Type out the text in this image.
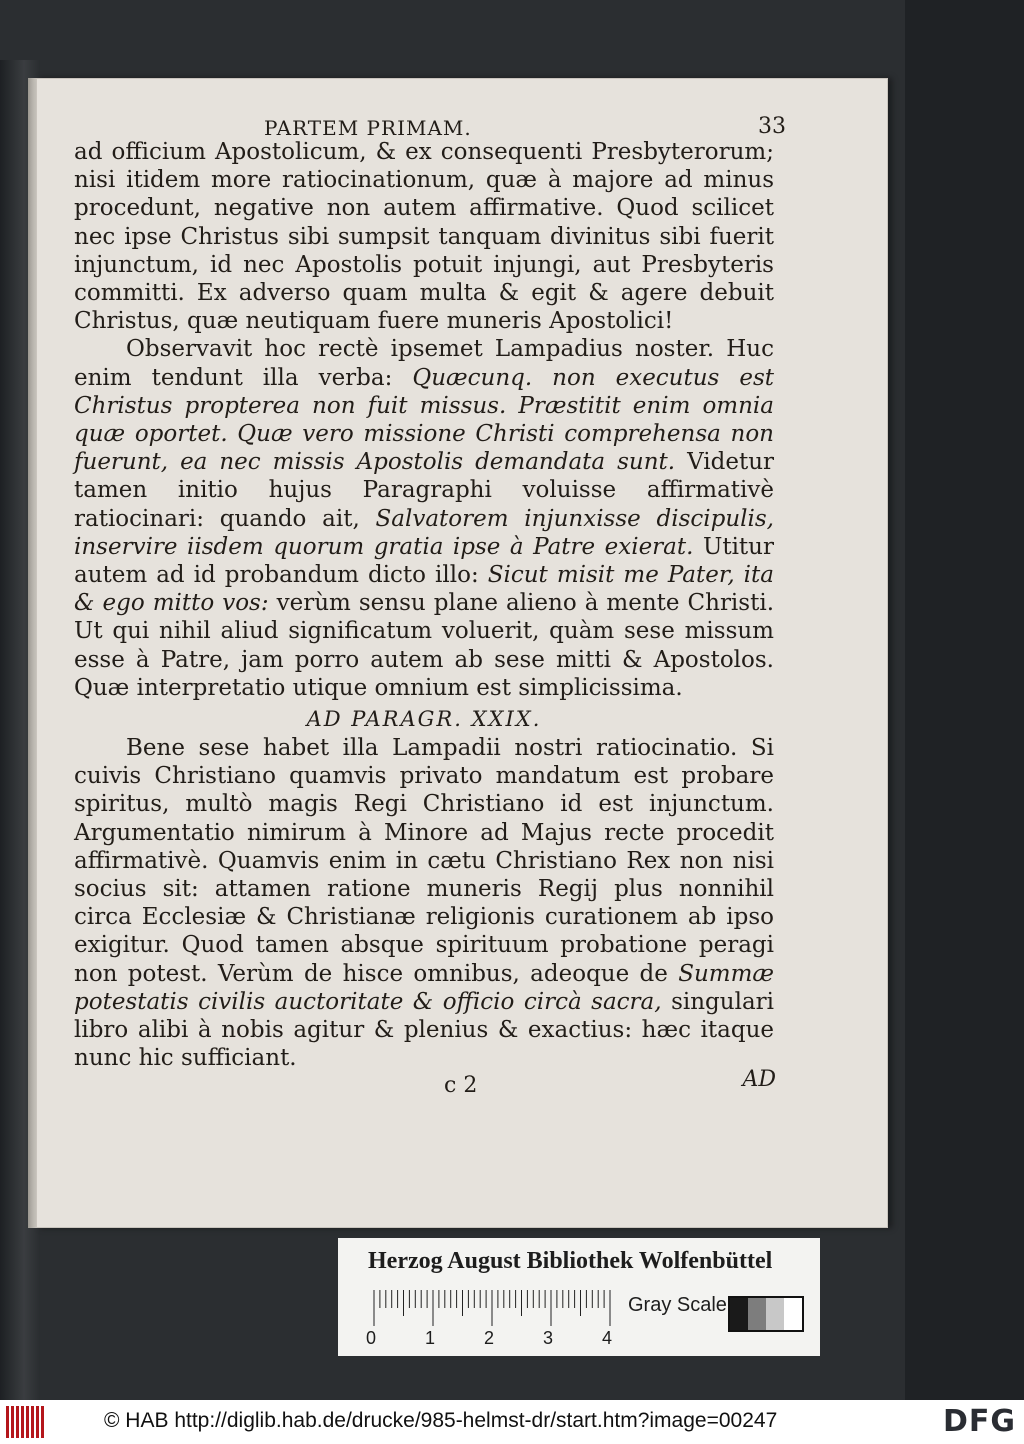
PARTEM PRIMAM.	33

ad officium Apostolicum, & ex consequenti Presbyterorum; nisi itidem more ratiocinationum, quæ à majore ad minus procedunt, negative non autem affirmative. Quod scilicet nec ipse Christus sibi sumpsit tanquam divinitus sibi fuerit injunctum, id nec Apostolis potuit injungi, aut Presbyteris committi. Ex adverso quam multa & egit & agere debuit Christus, quæ neutiquam fuere muneris Apostolici!

Observavit hoc rectè ipsemet Lampadius noster. Huc enim tendunt illa verba: Quæcunq. non executus est Christus propterea non fuit missus. Præstitit enim omnia quæ oportet. Quæ vero missione Christi comprehensa non fuerunt, ea nec missis Apostolis demandata sunt. Videtur tamen initio hujus Paragraphi voluisse affirmativè ratiocinari: quando ait, Salvatorem injunxisse discipulis, inservire iisdem quorum gratia ipse à Patre exierat. Utitur autem ad id probandum dicto illo: Sicut misit me Pater, ita & ego mitto vos: verùm sensu plane alieno à mente Christi. Ut qui nihil aliud significatum voluerit, quàm sese missum esse à Patre, jam porro autem ab sese mitti & Apostolos. Quæ interpretatio utique omnium est simplicissima.

AD PARAGR. XXIX.

Bene sese habet illa Lampadii nostri ratiocinatio. Si cuivis Christiano quamvis privato mandatum est probare spiritus, multò magis Regi Christiano id est injunctum. Argumentatio nimirum à Minore ad Majus recte procedit affirmativè. Quamvis enim in cætu Christiano Rex non nisi socius sit: attamen ratione muneris Regij plus nonnihil circa Ecclesiæ & Christianæ religionis curationem ab ipso exigitur. Quod tamen absque spirituum probatione peragi non potest. Verùm de hisce omnibus, adeoque de Summæ potestatis civilis auctoritate & officio circà sacra, singulari libro alibi à nobis agitur & plenius & exactius: hæc itaque nunc hic sufficiant.

c 2	AD
Herzog August Bibliothek Wolfenbüttel
0	1	2	3	4
Gray Scale
© HAB http://diglib.hab.de/drucke/985-helmst-dr/start.htm?image=00247	DFG
